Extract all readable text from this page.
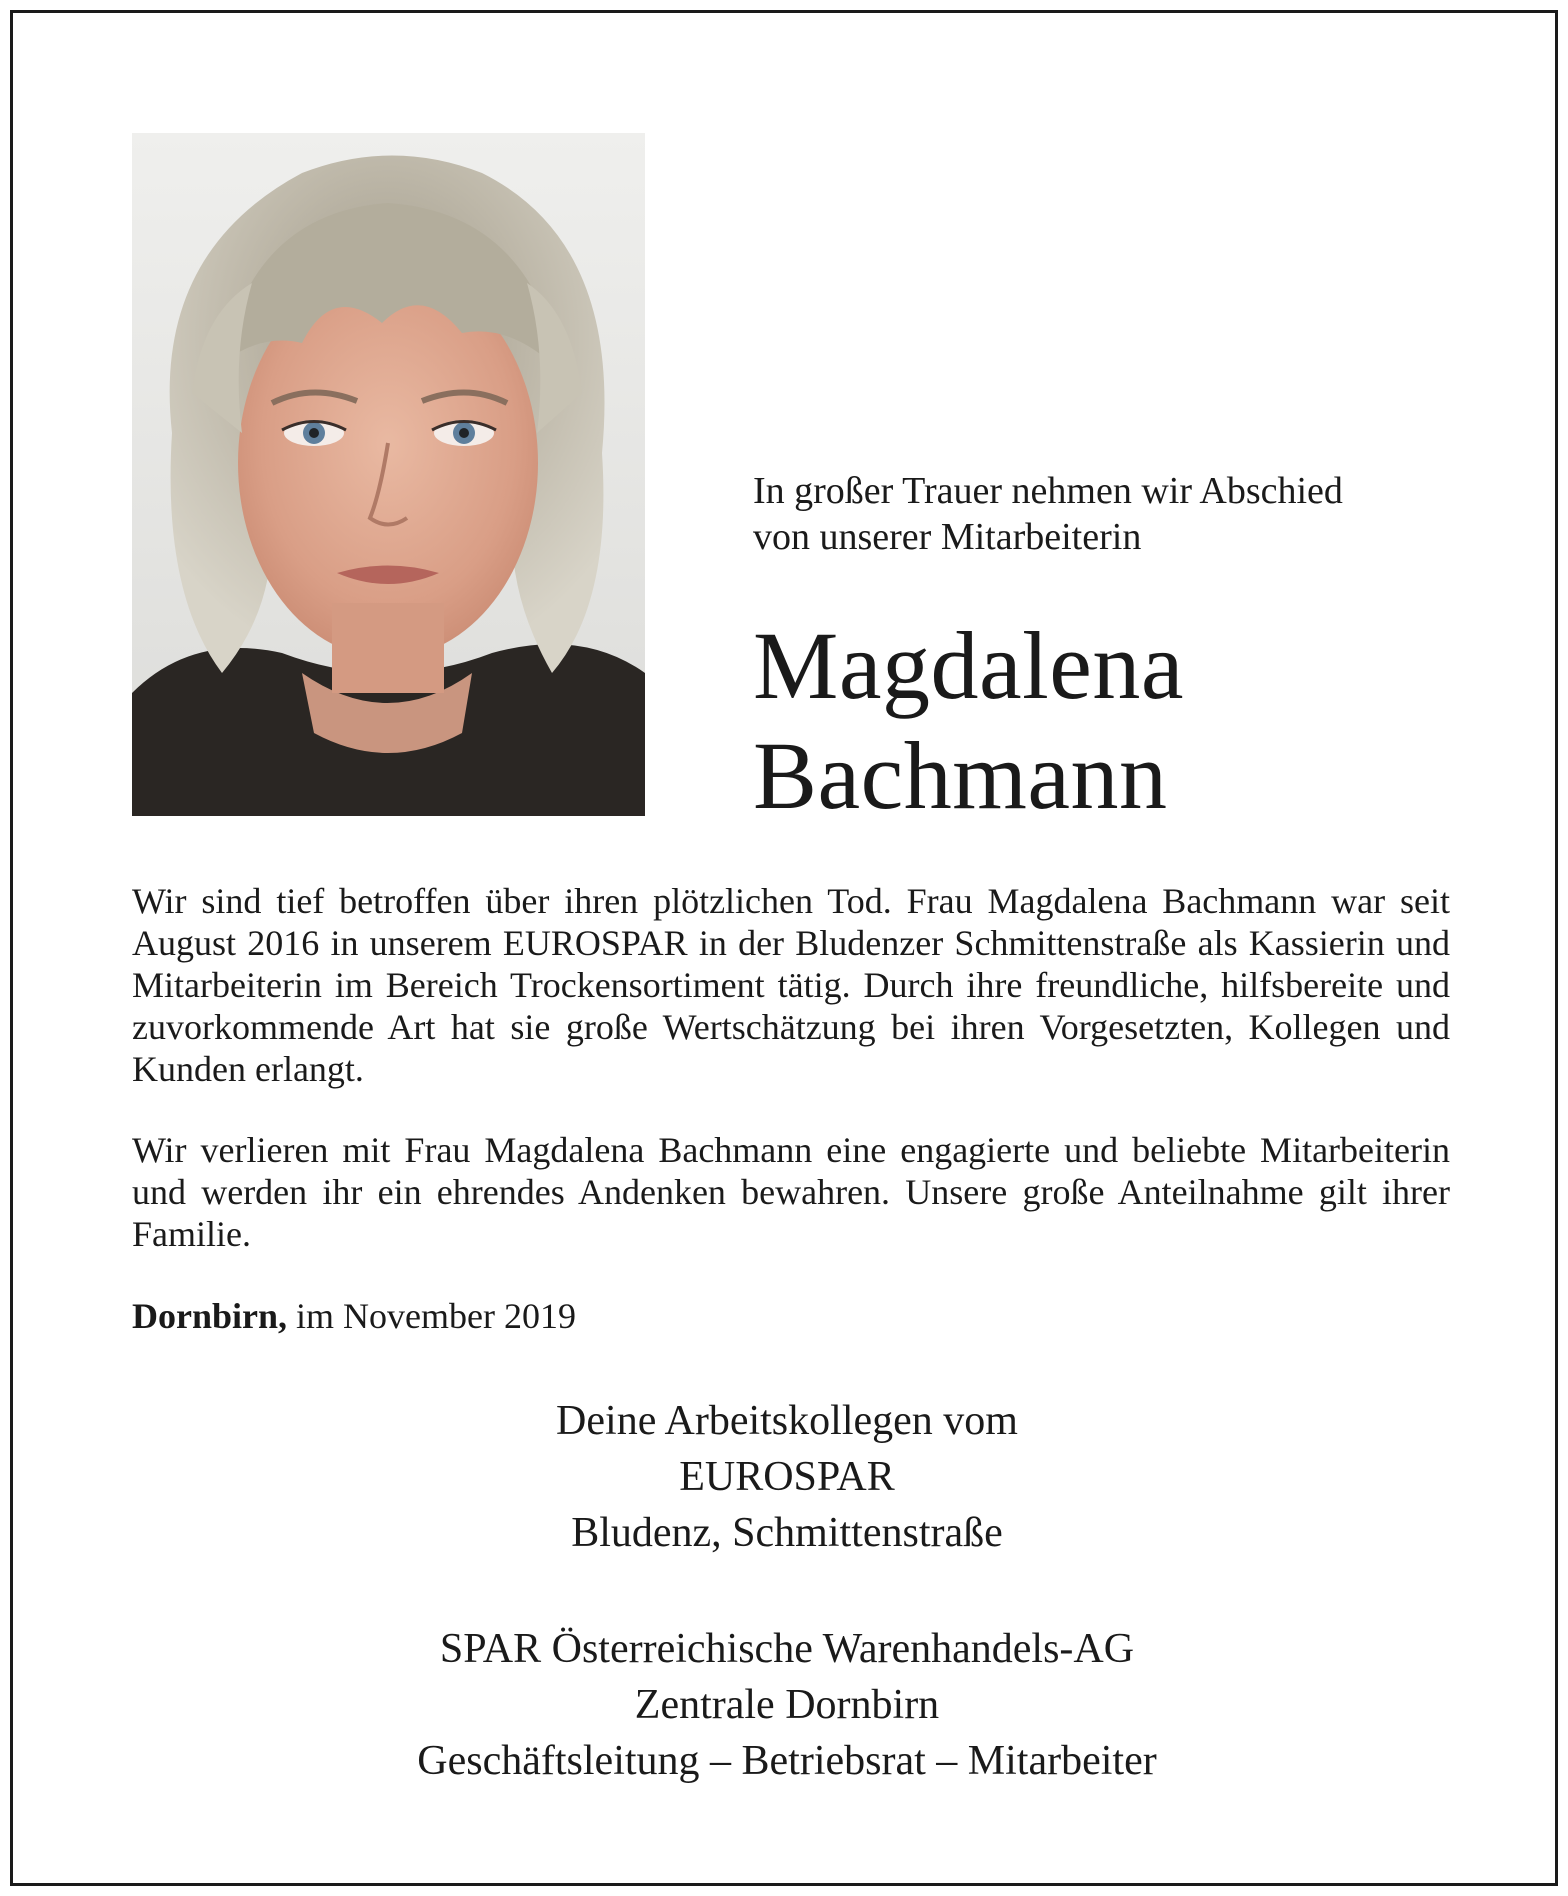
In großer Trauer nehmen wir Abschied
von unserer Mitarbeiterin
Magdalena
Bachmann

Wir sind tief betroffen über ihren plötzlichen Tod. Frau Magdalena Bachmann war seit August 2016 in unserem EUROSPAR in der Bludenzer Schmittenstraße als Kassierin und Mitarbeiterin im Bereich Trockensortiment tätig. Durch ihre freundliche, hilfsbereite und zuvorkommende Art hat sie große Wertschätzung bei ihren Vorgesetzten, Kollegen und Kunden erlangt.

Wir verlieren mit Frau Magdalena Bachmann eine engagierte und beliebte Mitarbeiterin und werden ihr ein ehrendes Andenken bewahren. Unsere große Anteilnahme gilt ihrer Familie.

Dornbirn, im November 2019
Deine Arbeitskollegen vom
EUROSPAR
Bludenz, Schmittenstraße
SPAR Österreichische Warenhandels-AG
Zentrale Dornbirn
Geschäftsleitung – Betriebsrat – Mitarbeiter
